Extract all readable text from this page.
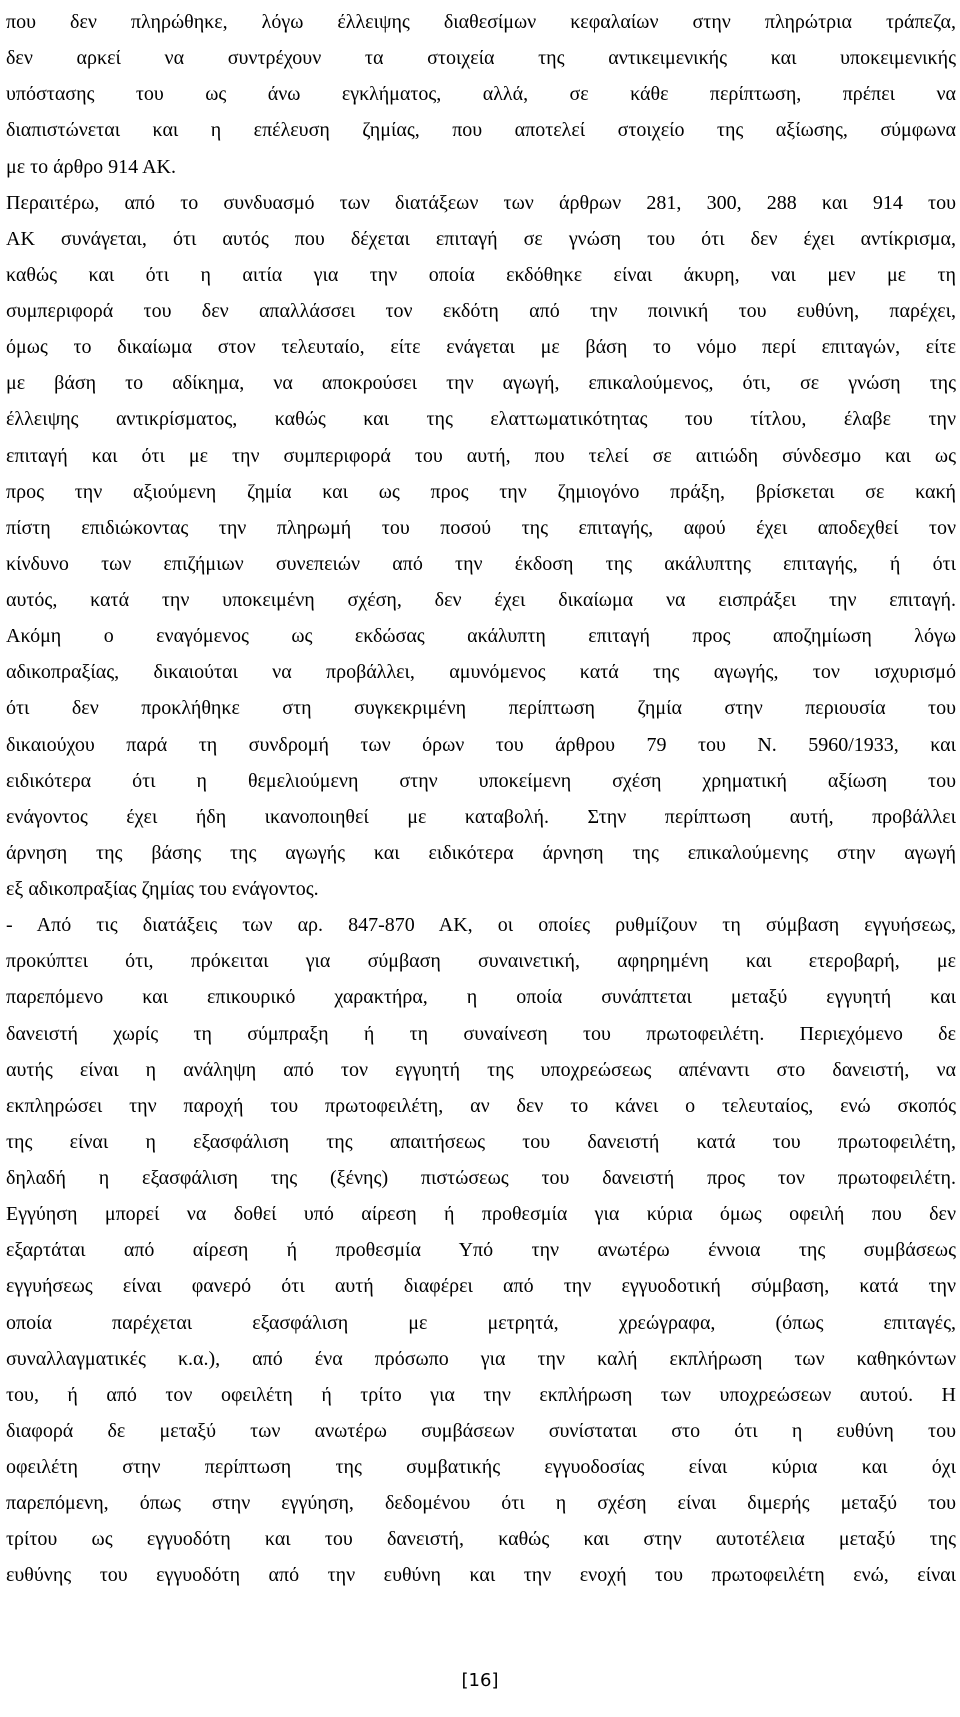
που δεν πληρώθηκε, λόγω έλλειψης διαθεσίμων κεφαλαίων στην πληρώτρια τράπεζα,
δεν αρκεί να συντρέχουν τα στοιχεία της αντικειμενικής και υποκειμενικής
υπόστασης του ως άνω εγκλήματος, αλλά, σε κάθε περίπτωση, πρέπει να
διαπιστώνεται και η επέλευση ζημίας, που αποτελεί στοιχείο της αξίωσης, σύμφωνα
με το άρθρο 914 ΑΚ.
Περαιτέρω, από το συνδυασμό των διατάξεων των άρθρων 281, 300, 288 και 914 του
ΑΚ συνάγεται, ότι αυτός που δέχεται επιταγή σε γνώση του ότι δεν έχει αντίκρισμα,
καθώς και ότι η αιτία για την οποία εκδόθηκε είναι άκυρη, ναι μεν με τη
συμπεριφορά του δεν απαλλάσσει τον εκδότη από την ποινική του ευθύνη, παρέχει,
όμως το δικαίωμα στον τελευταίο, είτε ενάγεται με βάση το νόμο περί επιταγών, είτε
με βάση το αδίκημα, να αποκρούσει την αγωγή, επικαλούμενος, ότι, σε γνώση της
έλλειψης αντικρίσματος, καθώς και της ελαττωματικότητας του τίτλου, έλαβε την
επιταγή και ότι με την συμπεριφορά του αυτή, που τελεί σε αιτιώδη σύνδεσμο και ως
προς την αξιούμενη ζημία και ως προς την ζημιογόνο πράξη, βρίσκεται σε κακή
πίστη επιδιώκοντας την πληρωμή του ποσού της επιταγής, αφού έχει αποδεχθεί τον
κίνδυνο των επιζήμιων συνεπειών από την έκδοση της ακάλυπτης επιταγής, ή ότι
αυτός, κατά την υποκειμένη σχέση, δεν έχει δικαίωμα να εισπράξει την επιταγή.
Ακόμη ο εναγόμενος ως εκδώσας ακάλυπτη επιταγή προς αποζημίωση λόγω
αδικοπραξίας, δικαιούται να προβάλλει, αμυνόμενος κατά της αγωγής, τον ισχυρισμό
ότι δεν προκλήθηκε στη συγκεκριμένη περίπτωση ζημία στην περιουσία του
δικαιούχου παρά τη συνδρομή των όρων του άρθρου 79 του Ν. 5960/1933, και
ειδικότερα ότι η θεμελιούμενη στην υποκείμενη σχέση χρηματική αξίωση του
ενάγοντος έχει ήδη ικανοποιηθεί με καταβολή. Στην περίπτωση αυτή, προβάλλει
άρνηση της βάσης της αγωγής και ειδικότερα άρνηση της επικαλούμενης στην αγωγή
εξ αδικοπραξίας ζημίας του ενάγοντος.
- Από τις διατάξεις των αρ. 847-870 ΑΚ, οι οποίες ρυθμίζουν τη σύμβαση εγγυήσεως,
προκύπτει ότι, πρόκειται για σύμβαση συναινετική, αφηρημένη και ετεροβαρή, με
παρεπόμενο και επικουρικό χαρακτήρα, η οποία συνάπτεται μεταξύ εγγυητή και
δανειστή χωρίς τη σύμπραξη ή τη συναίνεση του πρωτοφειλέτη. Περιεχόμενο δε
αυτής είναι η ανάληψη από τον εγγυητή της υποχρεώσεως απέναντι στο δανειστή, να
εκπληρώσει την παροχή του πρωτοφειλέτη, αν δεν το κάνει ο τελευταίος, ενώ σκοπός
της είναι η εξασφάλιση της απαιτήσεως του δανειστή κατά του πρωτοφειλέτη,
δηλαδή η εξασφάλιση της (ξένης) πιστώσεως του δανειστή προς τον πρωτοφειλέτη.
Εγγύηση μπορεί να δοθεί υπό αίρεση ή προθεσμία για κύρια όμως οφειλή που δεν
εξαρτάται από αίρεση ή προθεσμία Υπό την ανωτέρω έννοια της συμβάσεως
εγγυήσεως είναι φανερό ότι αυτή διαφέρει από την εγγυοδοτική σύμβαση, κατά την
οποία παρέχεται εξασφάλιση με μετρητά, χρεώγραφα, (όπως επιταγές,
συναλλαγματικές κ.α.), από ένα πρόσωπο για την καλή εκπλήρωση των καθηκόντων
του, ή από τον οφειλέτη ή τρίτο για την εκπλήρωση των υποχρεώσεων αυτού. Η
διαφορά δε μεταξύ των ανωτέρω συμβάσεων συνίσταται στο ότι η ευθύνη του
οφειλέτη στην περίπτωση της συμβατικής εγγυοδοσίας είναι κύρια και όχι
παρεπόμενη, όπως στην εγγύηση, δεδομένου ότι η σχέση είναι διμερής μεταξύ του
τρίτου ως εγγυοδότη και του δανειστή, καθώς και στην αυτοτέλεια μεταξύ της
ευθύνης του εγγυοδότη από την ευθύνη και την ενοχή του πρωτοφειλέτη ενώ, είναι
[16]
